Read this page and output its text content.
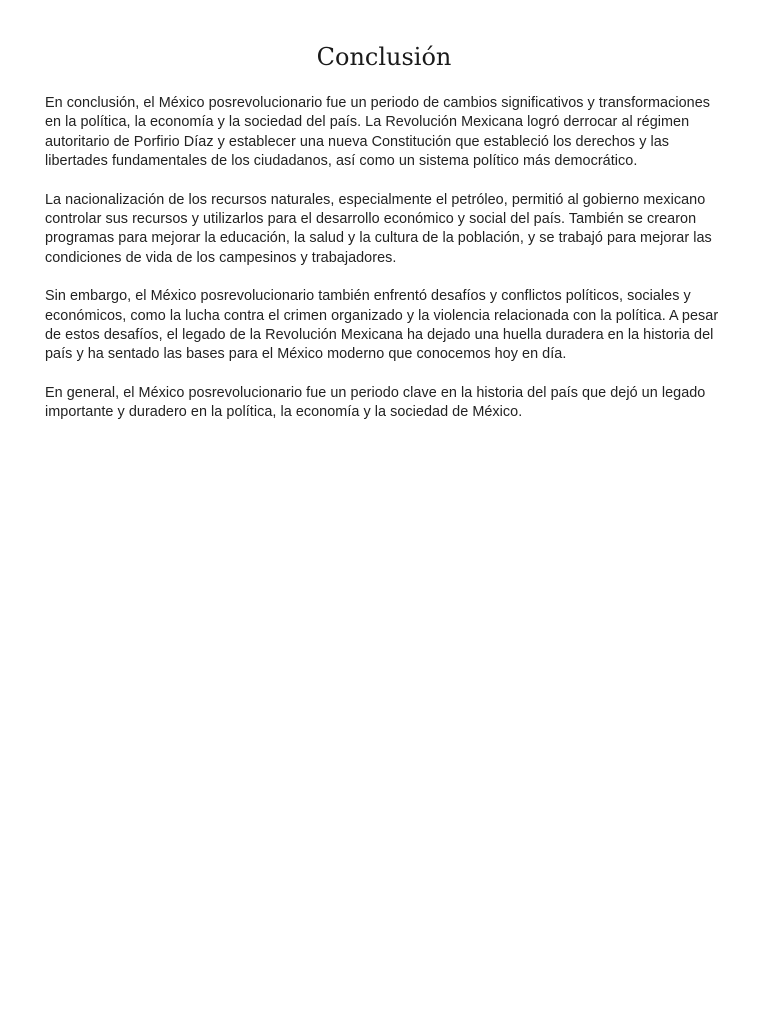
Conclusión

En conclusión, el México posrevolucionario fue un periodo de cambios significativos y transformaciones en la política, la economía y la sociedad del país. La Revolución Mexicana logró derrocar al régimen autoritario de Porfirio Díaz y establecer una nueva Constitución que estableció los derechos y las libertades fundamentales de los ciudadanos, así como un sistema político más democrático.

La nacionalización de los recursos naturales, especialmente el petróleo, permitió al gobierno mexicano controlar sus recursos y utilizarlos para el desarrollo económico y social del país. También se crearon programas para mejorar la educación, la salud y la cultura de la población, y se trabajó para mejorar las condiciones de vida de los campesinos y trabajadores.

Sin embargo, el México posrevolucionario también enfrentó desafíos y conflictos políticos, sociales y económicos, como la lucha contra el crimen organizado y la violencia relacionada con la política. A pesar de estos desafíos, el legado de la Revolución Mexicana ha dejado una huella duradera en la historia del país y ha sentado las bases para el México moderno que conocemos hoy en día.

En general, el México posrevolucionario fue un periodo clave en la historia del país que dejó un legado importante y duradero en la política, la economía y la sociedad de México.
